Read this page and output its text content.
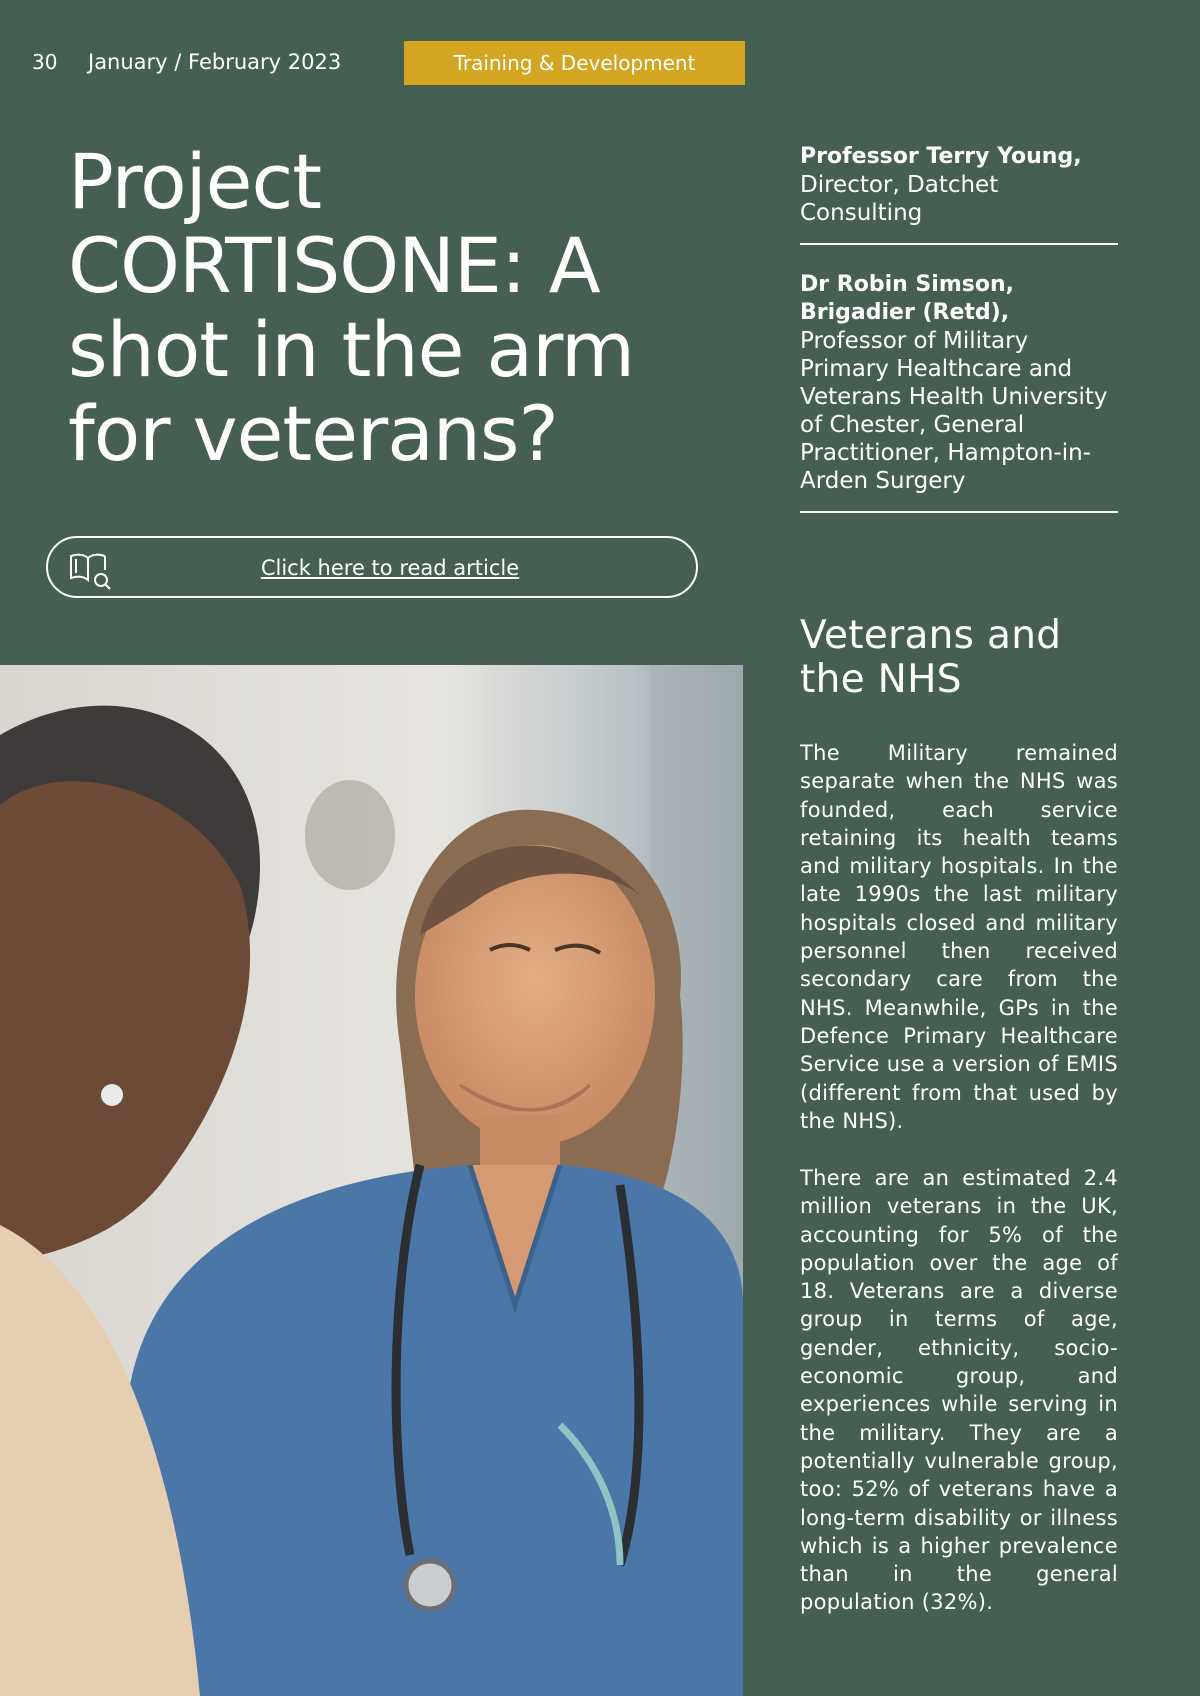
30 January / February 2023	Training & Development
Project CORTISONE: A shot in the arm for veterans?
Professor Terry Young,
Director, Datchet Consulting
Dr Robin Simson, Brigadier (Retd),
Professor of Military Primary Healthcare and Veterans Health University of Chester, General Practitioner, Hampton-in-Arden Surgery
Click here to read article
Veterans and the NHS

The Military remained separate when the NHS was founded, each service retaining its health teams and military hospitals. In the late 1990s the last military hospitals closed and military personnel then received secondary care from the NHS. Meanwhile, GPs in the Defence Primary Healthcare Service use a version of EMIS (different from that used by the NHS).

There are an estimated 2.4 million veterans in the UK, accounting for 5% of the population over the age of 18. Veterans are a diverse group in terms of age, gender, ethnicity, socio-economic group, and experiences while serving in the military. They are a potentially vulnerable group, too: 52% of veterans have a long-term disability or illness which is a higher prevalence than in the general population (32%).
